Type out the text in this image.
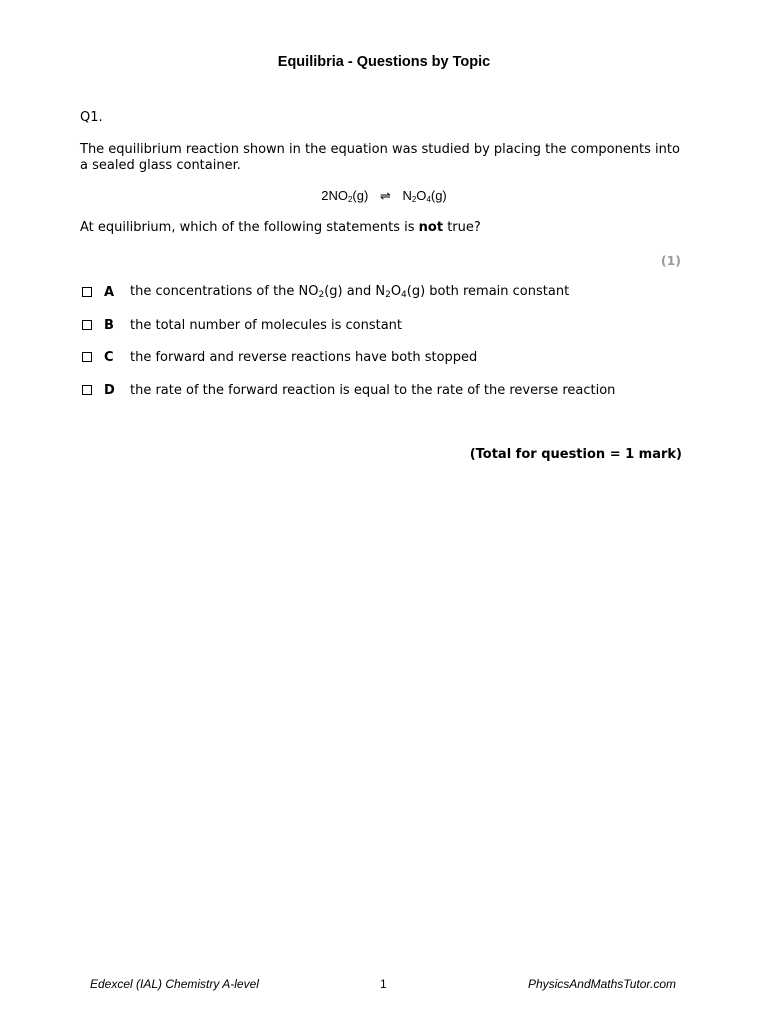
Equilibria - Questions by Topic
Q1.
The equilibrium reaction shown in the equation was studied by placing the components into a sealed glass container.
$2NO_2(g)$ ⇌ $N_2O_4(g)$
At equilibrium, which of the following statements is not true?
(1)
A	the concentrations of the $NO_2(g)$ and $N_2O_4(g)$ both remain constant
B	the total number of molecules is constant
C	the forward and reverse reactions have both stopped
D	the rate of the forward reaction is equal to the rate of the reverse reaction
(Total for question = 1 mark)
Edexcel (IAL) Chemistry A-level	1	PhysicsAndMathsTutor.com
